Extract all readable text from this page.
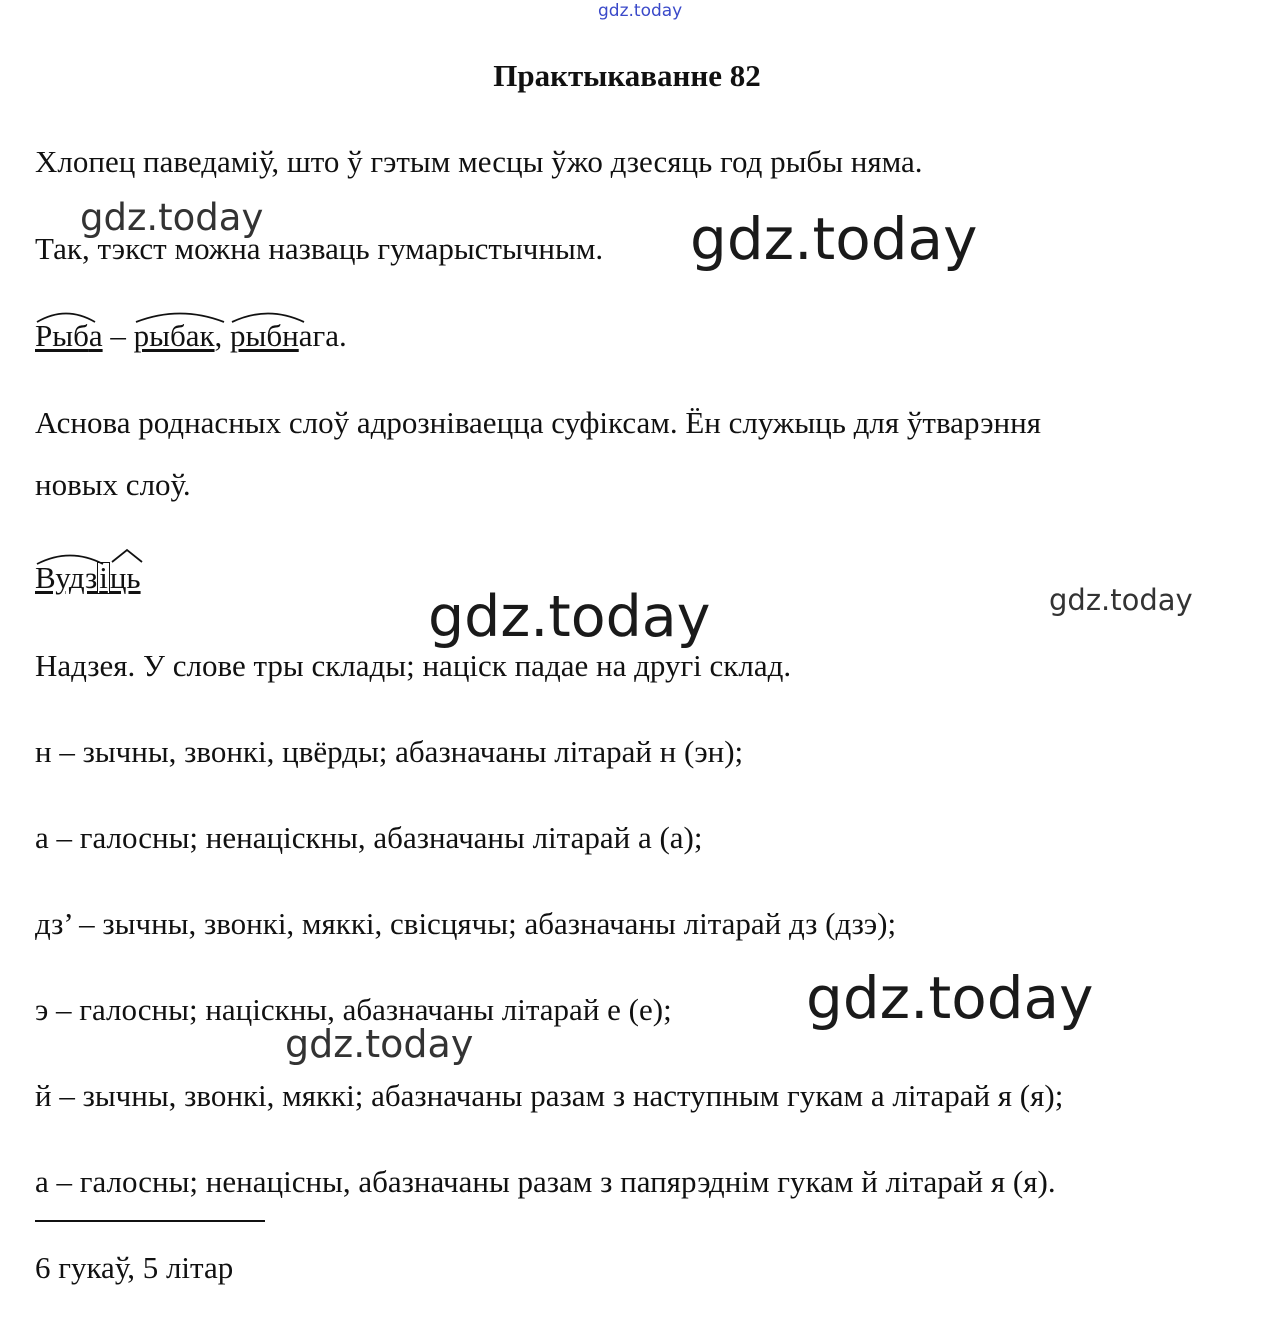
gdz.today
gdz.today	gdz.today
gdz.today	gdz.today
gdz.today
gdz.today
Практыкаванне 82
Хлопец паведаміў, што ў гэтым месцы ўжо дзесяць год рыбы няма.
Так, тэкст можна назваць гумарыстычным.
Рыба –
рыбак,
рыбнага.
Аснова роднасных слоў адрозніваецца суфіксам. Ён служыць для ўтварэння
новых слоў.
Вудзі
ць
Надзея. У слове тры склады; націск падае на другі склад.
н – зычны, звонкі, цвёрды; абазначаны літарай н (эн);
а – галосны; ненаціскны, абазначаны літарай а (а);
дз’ – зычны, звонкі, мяккі, свісцячы; абазначаны літарай дз (дзэ);
э – галосны; націскны, абазначаны літарай е (е);
й – зычны, звонкі, мяккі; абазначаны разам з наступным гукам а літарай я (я);
а – галосны; ненацісны, абазначаны разам з папярэднім гукам й літарай я (я).
6 гукаў, 5 літар
